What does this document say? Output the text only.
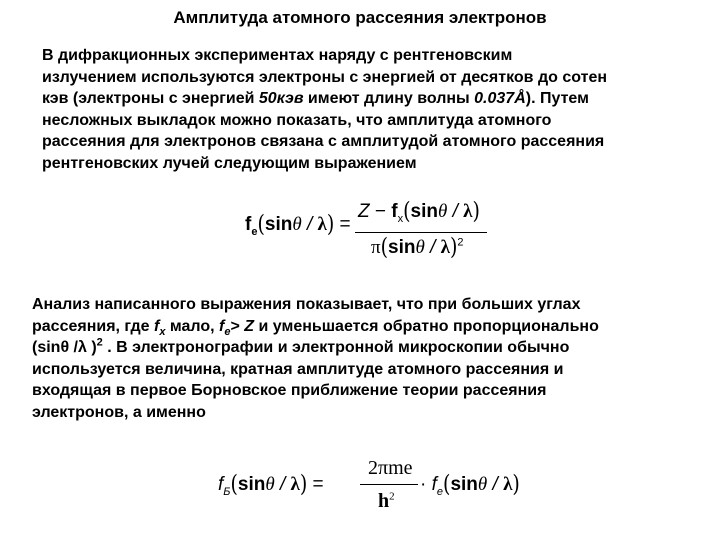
Амплитуда атомного рассеяния электронов

В дифракционных экспериментах наряду с рентгеновским
излучением используются электроны с энергией от десятков до сотен
кэв (электроны с энергией 50кэв имеют длину волны 0.037Å). Путем
несложных выкладок можно показать, что амплитуда атомного
рассеяния для электронов связана с амплитудой атомного рассеяния
рентгеновских лучей следующим выражением

$f_e(\sin\theta / \lambda)$ =
$Z - f_x(\sin\theta / \lambda)$
π(sinθ / λ)$^2$

Анализ написанного выражения показывает, что при больших углах
рассеяния, где $f_x$ мало, $f_e> Z$ и уменьшается обратно пропорционально
(sinθ /λ )$^2$ . В электронографии и электронной микроскопии обычно
используется величина, кратная амплитуде атомного рассеяния и
входящая в первое Борновское приближение теории рассеяния
электронов, а именно

$f_Б(\sin\theta / \lambda)$ =
2πme
$h^2$
· $f_e(\sin\theta / \lambda)$
